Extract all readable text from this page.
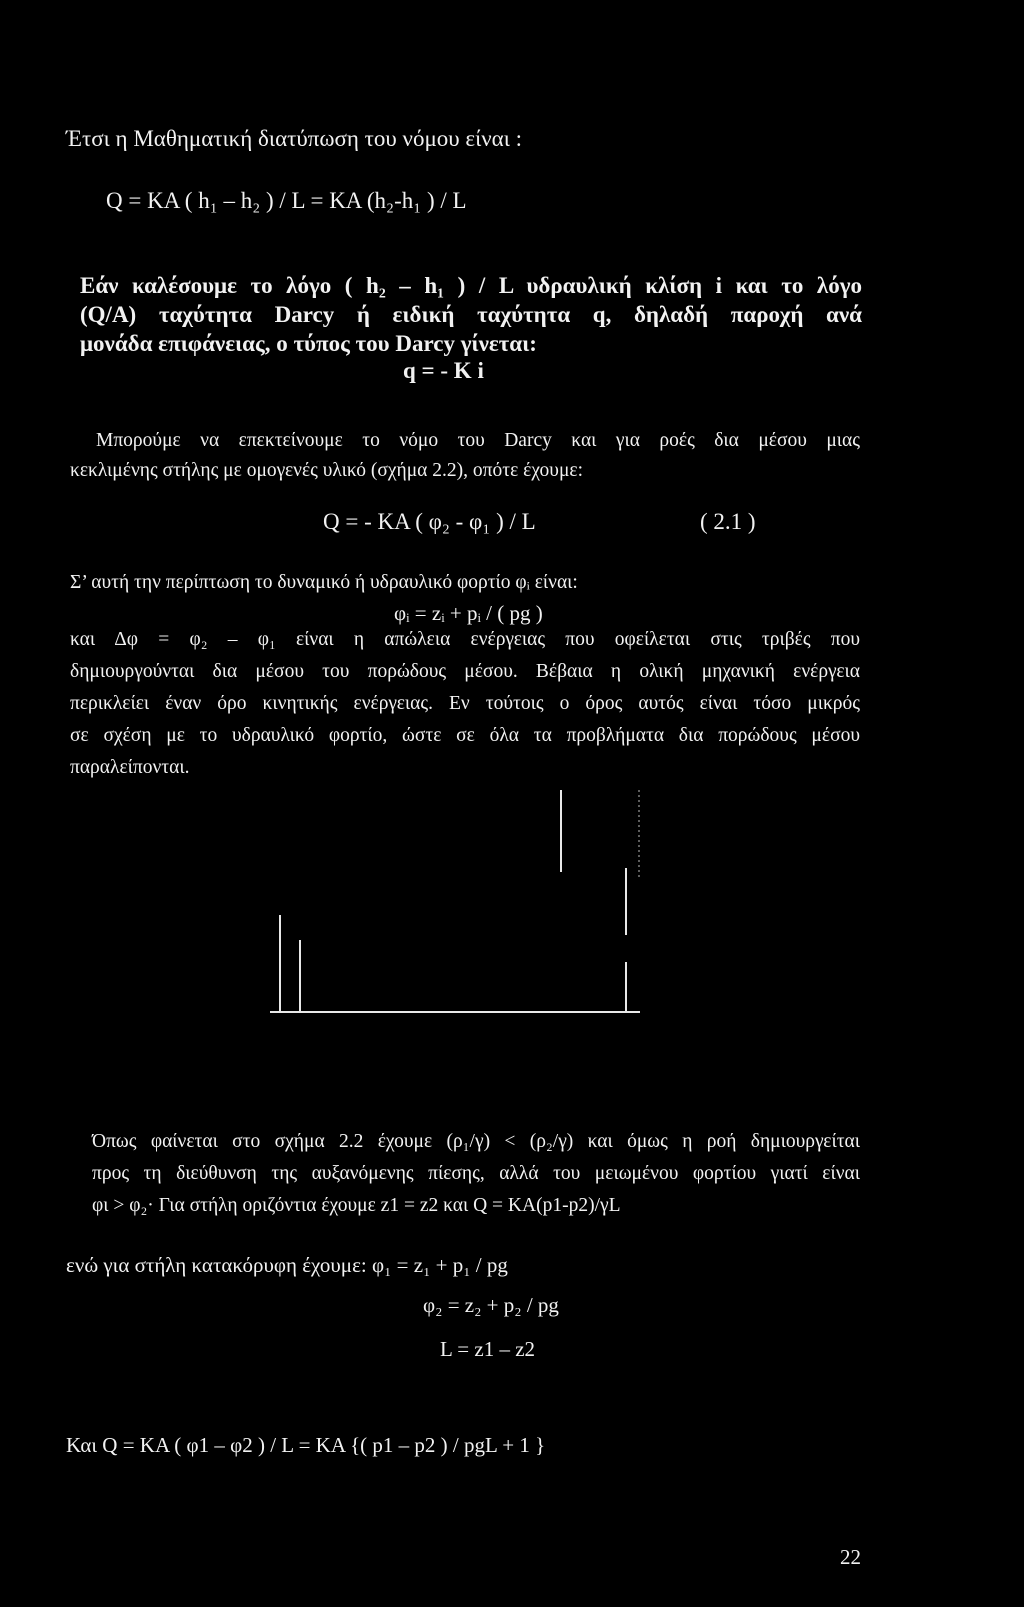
Έτσι η Μαθηματική διατύπωση του νόμου είναι :
Q = KA ( h₁ – h₂ ) / L = KA (h₂-h₁ ) / L
Εάν καλέσουμε το λόγο ( h₂ – h₁ ) / L υδραυλική κλίση i και το λόγο
(Q/A) ταχύτητα Darcy ή ειδική ταχύτητα q, δηλαδή παροχή ανά
μονάδα επιφάνειας, ο τύπος του Darcy γίνεται:
q = - K i
Μπορούμε να επεκτείνουμε το νόμο του Darcy και για ροές δια μέσου μιας
κεκλιμένης στήλης με ομογενές υλικό (σχήμα 2.2), οπότε έχουμε:
Q = - KA ( φ₂ - φ₁ ) / L	( 2.1 )
Σ’ αυτή την περίπτωση το δυναμικό ή υδραυλικό φορτίο φᵢ είναι:
φᵢ = zᵢ + pᵢ / ( pg )
και Δφ = φ₂ – φ₁ είναι η απώλεια ενέργειας που οφείλεται στις τριβές που
δημιουργούνται δια μέσου του πορώδους μέσου. Βέβαια η ολική μηχανική ενέργεια
περικλείει έναν όρο κινητικής ενέργειας. Εν τούτοις ο όρος αυτός είναι τόσο μικρός
σε σχέση με το υδραυλικό φορτίο, ώστε σε όλα τα προβλήματα δια πορώδους μέσου
παραλείπονται.
Όπως φαίνεται στο σχήμα 2.2 έχουμε (ρ₁/γ) < (ρ₂/γ) και όμως η ροή δημιουργείται
προς τη διεύθυνση της αυξανόμενης πίεσης, αλλά του μειωμένου φορτίου γιατί είναι
φι > φ₂· Για στήλη οριζόντια έχουμε z1 = z2 και Q = KA(p1-p2)/γL
ενώ για στήλη κατακόρυφη έχουμε: φ₁ = z₁ + p₁ / pg
φ₂ = z₂ + p₂ / pg
L = z1 – z2
Και Q = KA ( φ1 – φ2 ) / L = KA {( p1 – p2 ) / pgL + 1 }
22
